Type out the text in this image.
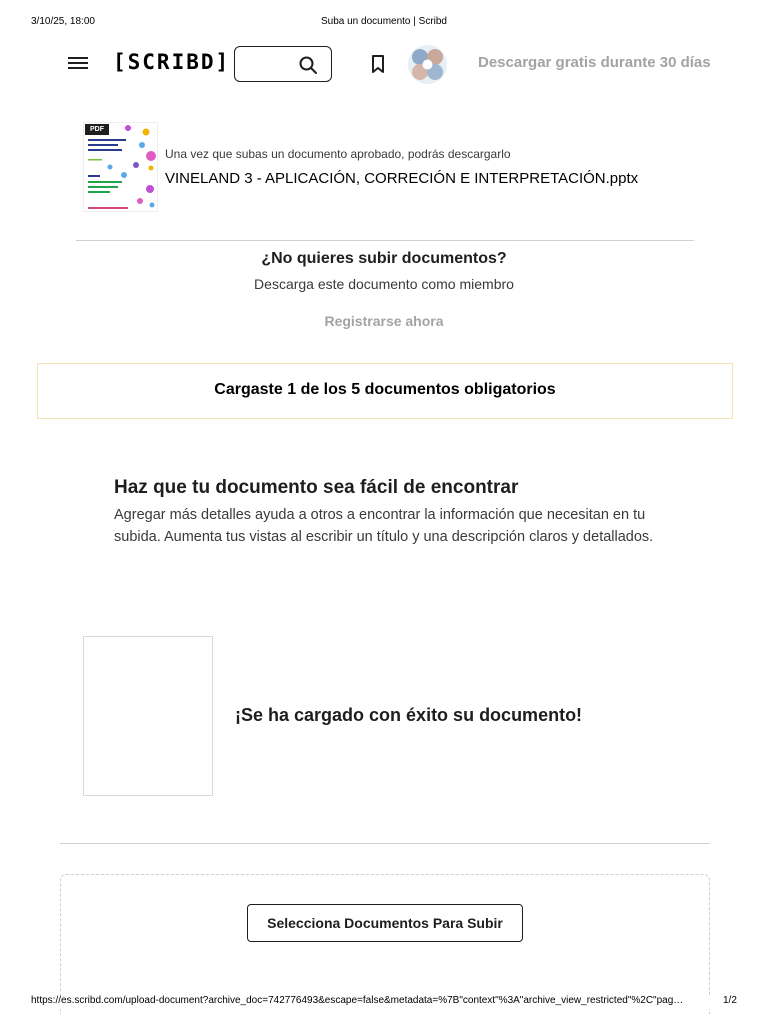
3/10/25, 18:00	Suba un documento | Scribd
[SCRIBD]	Descargar gratis durante 30 días
PDF
Una vez que subas un documento aprobado, podrás descargarlo
VINELAND 3 - APLICACIÓN, CORRECIÓN E INTERPRETACIÓN.pptx
¿No quieres subir documentos?
Descarga este documento como miembro
Registrarse ahora
Cargaste 1 de los 5 documentos obligatorios
Haz que tu documento sea fácil de encontrar
Agregar más detalles ayuda a otros a encontrar la información que necesitan en tu subida. Aumenta tus vistas al escribir un título y una descripción claros y detallados.
¡Se ha cargado con éxito su documento!
Selecciona Documentos Para Subir
https://es.scribd.com/upload-document?archive_doc=742776493&escape=false&metadata=%7B"context"%3A"archive_view_restricted"%2C"pag…	1/2
